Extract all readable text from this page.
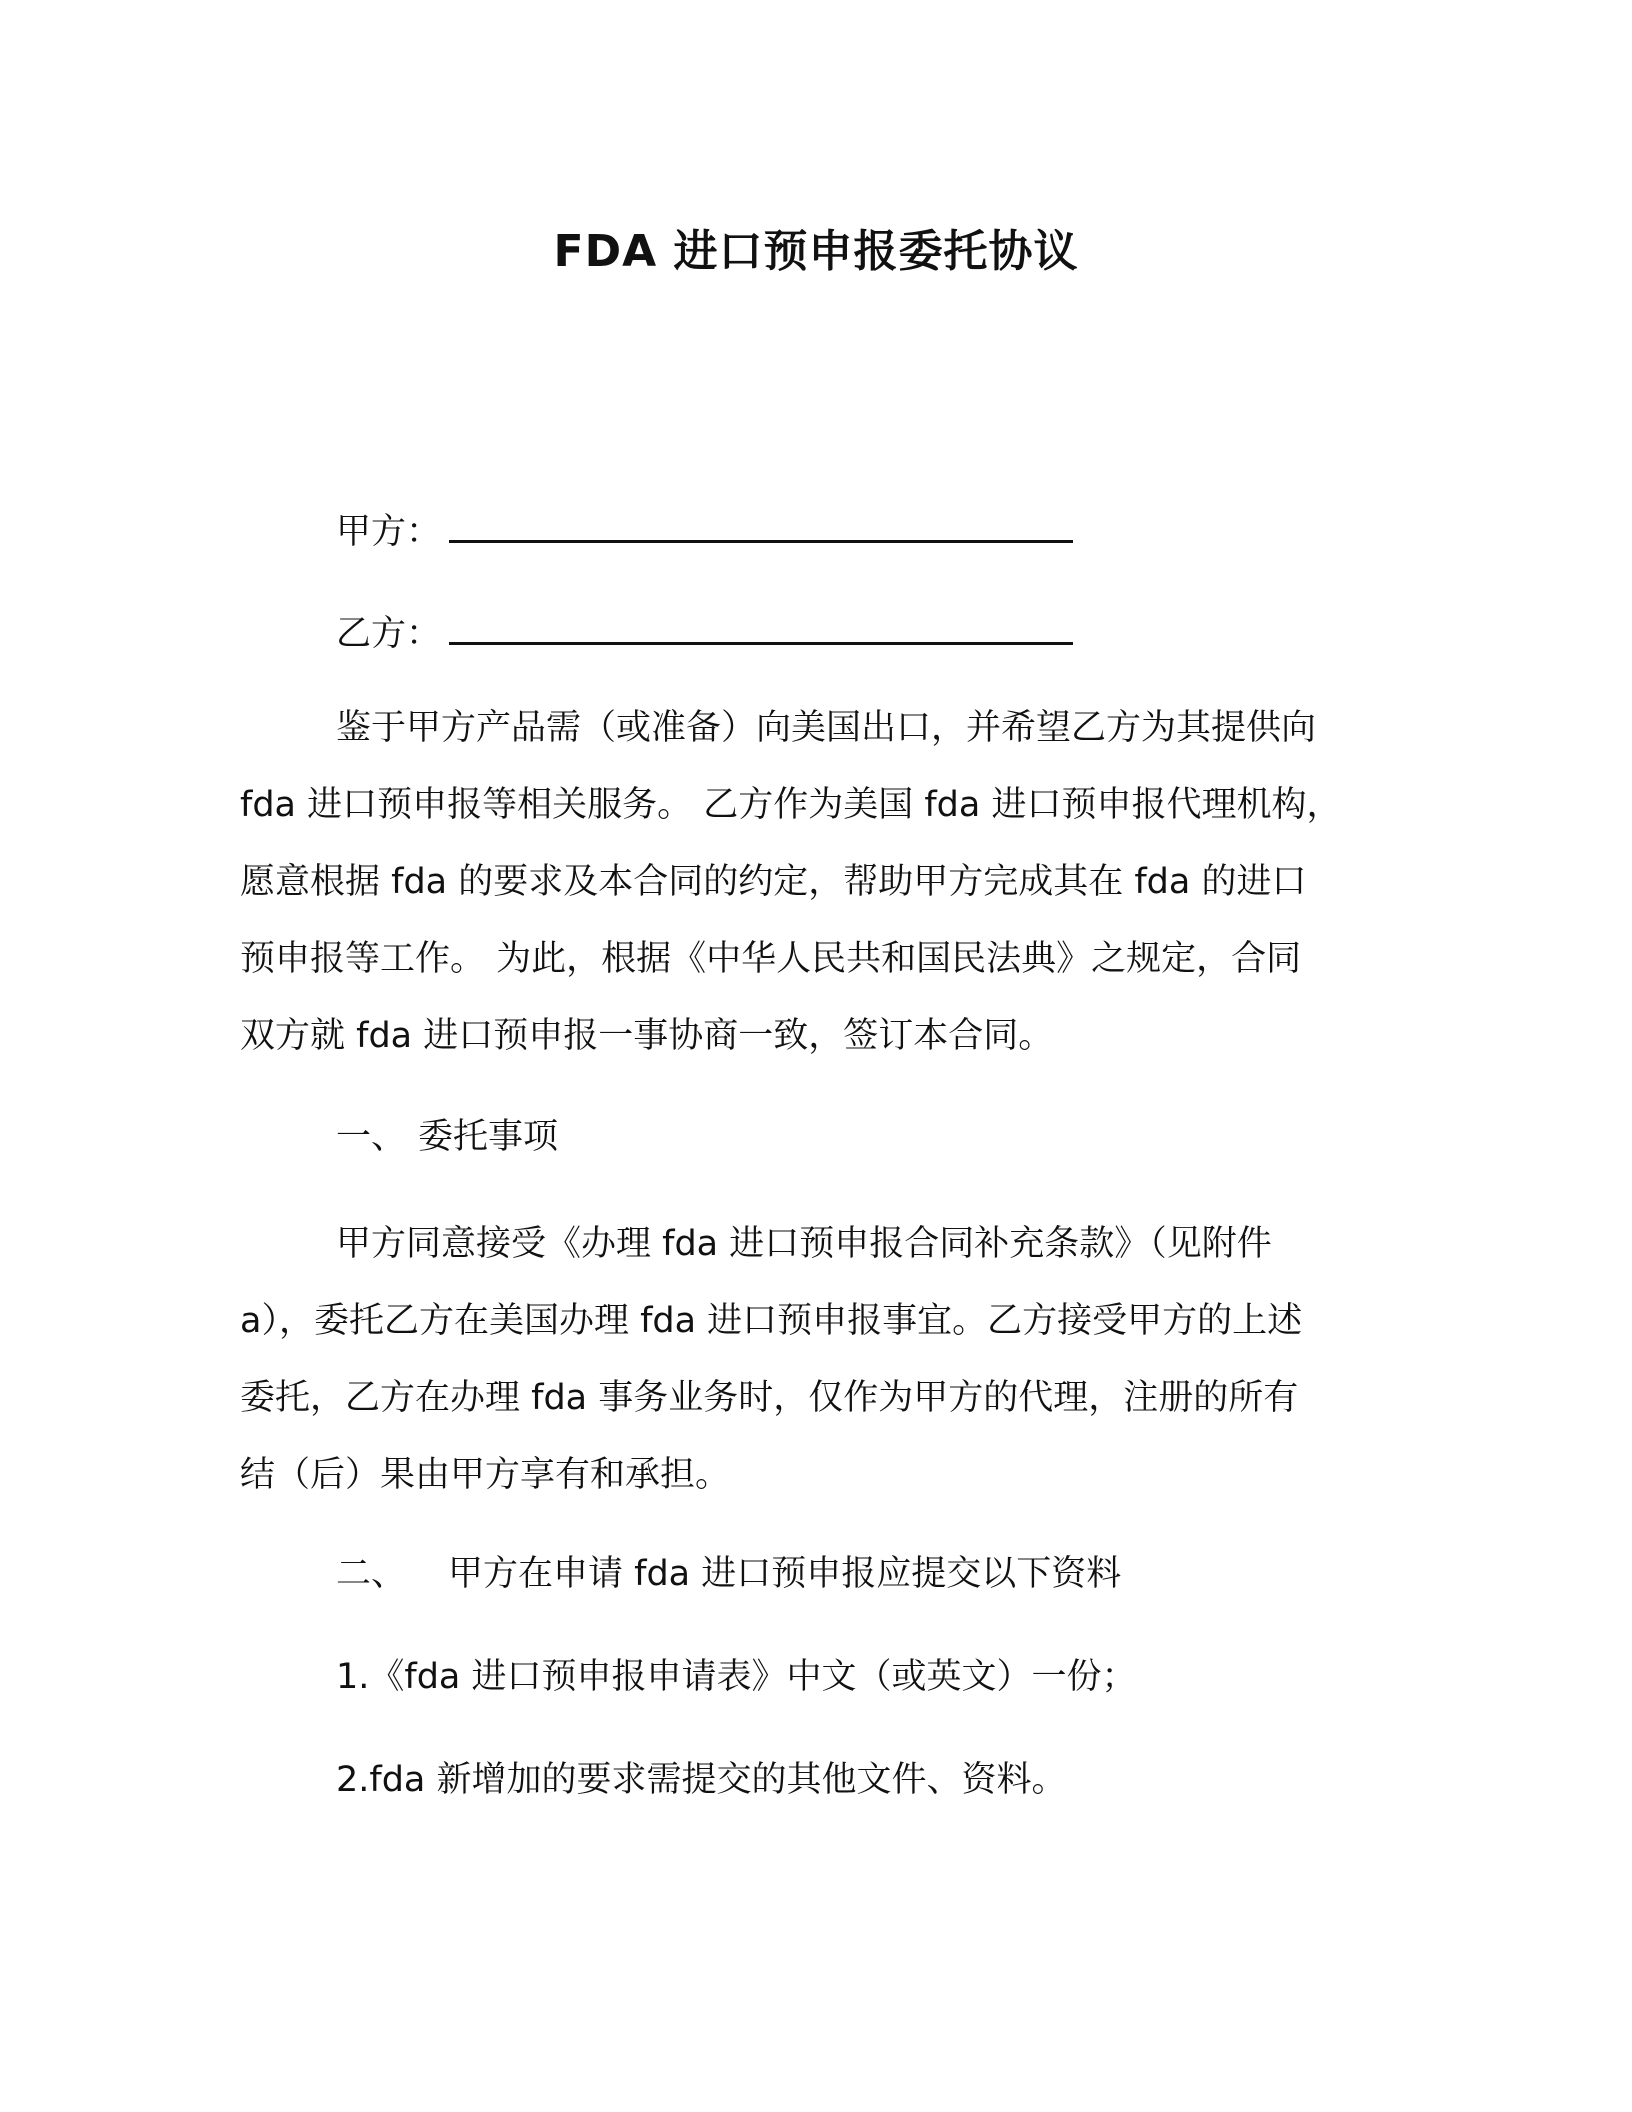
FDA 进口预申报委托协议
甲方：
乙方：
鉴于甲方产品需（或准备）向美国出口，并希望乙方为其提供向
fda 进口预申报等相关服务。 乙方作为美国 fda 进口预申报代理机构，
愿意根据 fda 的要求及本合同的约定，帮助甲方完成其在 fda 的进口
预申报等工作。 为此，根据《中华人民共和国民法典》之规定，合同
双方就 fda 进口预申报一事协商一致，签订本合同。
一、 委托事项
甲方同意接受《办理 fda 进口预申报合同补充条款》（见附件
a），委托乙方在美国办理 fda 进口预申报事宜。乙方接受甲方的上述
委托，乙方在办理 fda 事务业务时，仅作为甲方的代理，注册的所有
结（后）果由甲方享有和承担。
二、 甲方在申请 fda 进口预申报应提交以下资料
1.《fda 进口预申报申请表》中文（或英文）一份；
2.fda 新增加的要求需提交的其他文件、资料。
